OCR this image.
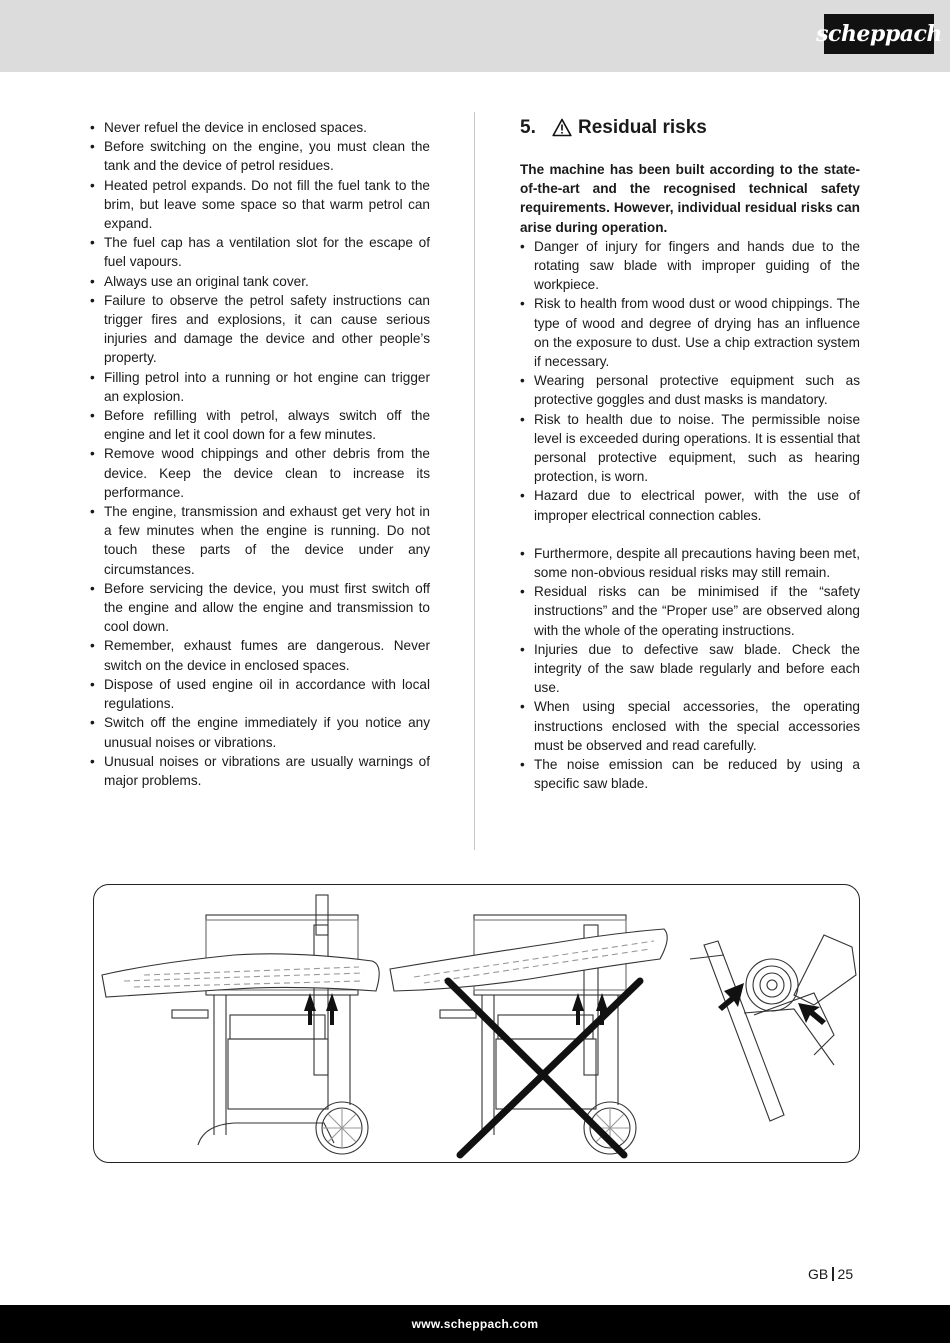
scheppach
• Never refuel the device in enclosed spaces.
• Before switching on the engine, you must clean the tank and the device of petrol residues.
• Heated petrol expands. Do not fill the fuel tank to the brim, but leave some space so that warm petrol can expand.
• The fuel cap has a ventilation slot for the escape of fuel vapours.
• Always use an original tank cover.
• Failure to observe the petrol safety instructions can trigger fires and explosions, it can cause serious injuries and damage the device and other people’s property.
• Filling petrol into a running or hot engine can trigger an explosion.
• Before refilling with petrol, always switch off the engine and let it cool down for a few minutes.
• Remove wood chippings and other debris from the device. Keep the device clean to increase its performance.
• The engine, transmission and exhaust get very hot in a few minutes when the engine is running. Do not touch these parts of the device under any circumstances.
• Before servicing the device, you must first switch off the engine and allow the engine and transmission to cool down.
• Remember, exhaust fumes are dangerous. Never switch on the device in enclosed spaces.
• Dispose of used engine oil in accordance with local regulations.
• Switch off the engine immediately if you notice any unusual noises or vibrations.
• Unusual noises or vibrations are usually warnings of major problems.
5.	Residual risks

The machine has been built according to the state-of-the-art and the recognised technical safety requirements. However, individual residual risks can arise during operation.

• Danger of injury for fingers and hands due to the rotating saw blade with improper guiding of the workpiece.
• Risk to health from wood dust or wood chippings. The type of wood and degree of drying has an influence on the exposure to dust. Use a chip extraction system if necessary.
• Wearing personal protective equipment such as protective goggles and dust masks is mandatory.
• Risk to health due to noise. The permissible noise level is exceeded during operations. It is essential that personal protective equipment, such as hearing protection, is worn.
• Hazard due to electrical power, with the use of improper electrical connection cables.
• Furthermore, despite all precautions having been met, some non-obvious residual risks may still remain.
• Residual risks can be minimised if the “safety instructions” and the “Proper use” are observed along with the whole of the operating instructions.
• Injuries due to defective saw blade. Check the integrity of the saw blade regularly and before each use.
• When using special accessories, the operating instructions enclosed with the special accessories must be observed and read carefully.
• The noise emission can be reduced by using a specific saw blade.
GB 25
www.scheppach.com
